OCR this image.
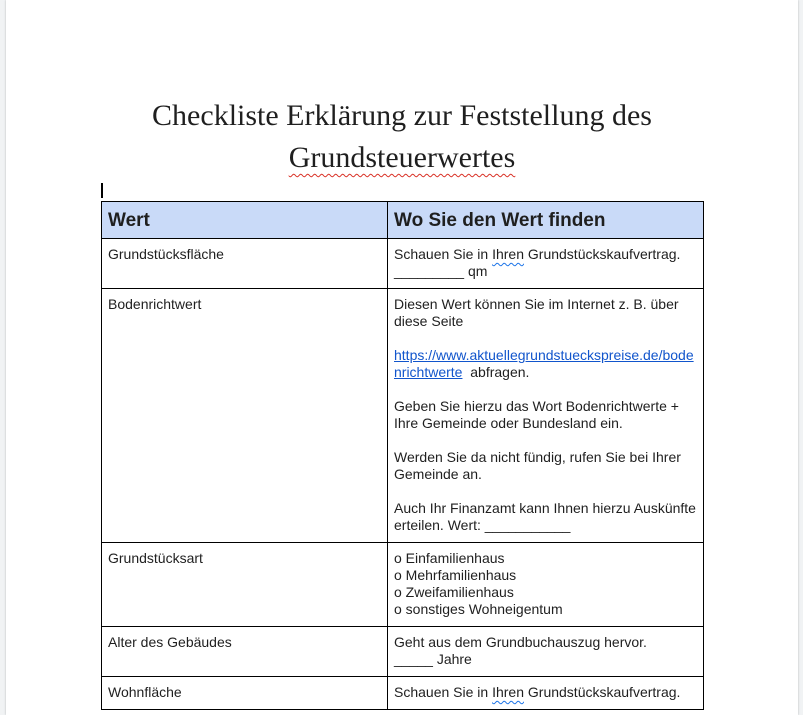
Checkliste Erklärung zur Feststellung des
Grundsteuerwertes
Wert	Wo Sie den Wert finden
Grundstücksfläche	Schauen Sie in Ihren Grundstückskaufvertrag.

_________ qm

Bodenrichtwert	Diesen Wert können Sie im Internet z. B. über diese Seite

https://www.aktuellegrundstueckspreise.de/bodenrichtwerte  abfragen.

Geben Sie hierzu das Wort Bodenrichtwerte + Ihre Gemeinde oder Bundesland ein.

Werden Sie da nicht fündig, rufen Sie bei Ihrer Gemeinde an.

Auch Ihr Finanzamt kann Ihnen hierzu Auskünfte erteilen. Wert: ___________

Grundstücksart	o Einfamilienhaus

o Mehrfamilienhaus

o Zweifamilienhaus

o sonstiges Wohneigentum

Alter des Gebäudes	Geht aus dem Grundbuchauszug hervor.

_____ Jahre

Wohnfläche	Schauen Sie in Ihren Grundstückskaufvertrag.
